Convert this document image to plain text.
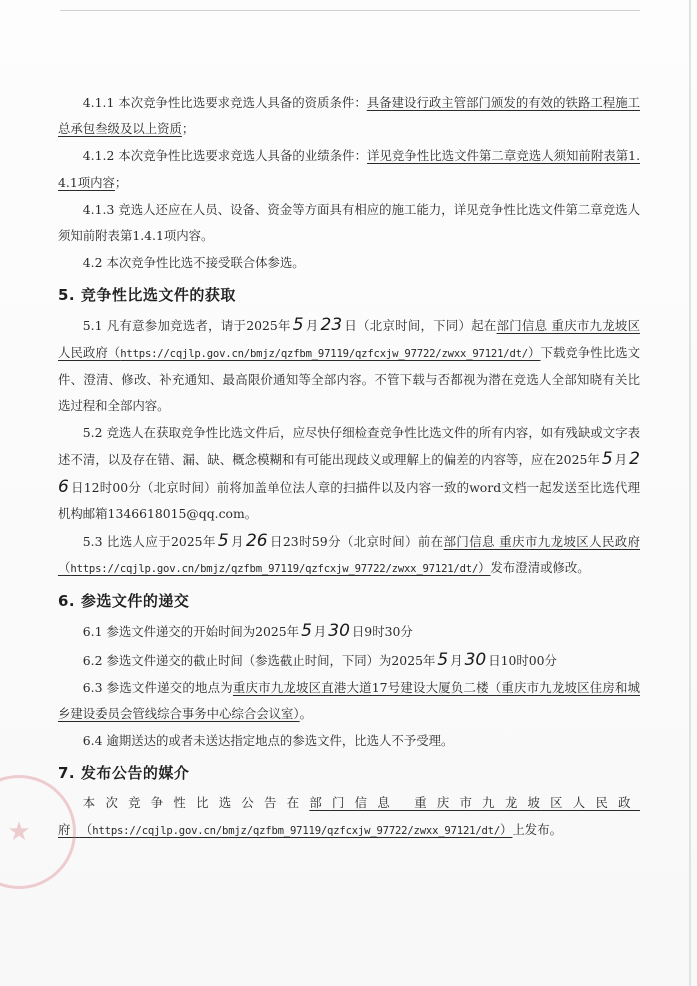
4.1.1 本次竞争性比选要求竞选人具备的资质条件：具备建设行政主管部门颁发的有效的铁路工程施工总承包叁级及以上资质；

4.1.2 本次竞争性比选要求竞选人具备的业绩条件：详见竞争性比选文件第二章竞选人须知前附表第1.4.1项内容；

4.1.3 竞选人还应在人员、设备、资金等方面具有相应的施工能力，详见竞争性比选文件第二章竞选人须知前附表第1.4.1项内容。

4.2 本次竞争性比选不接受联合体参选。

5. 竞争性比选文件的获取

5.1 凡有意参加竞选者，请于2025年 5 月 23 日（北京时间，下同）起在部门信息 重庆市九龙坡区人民政府（https://cqjlp.gov.cn/bmjz/qzfbm_97119/qzfcxjw_97722/zwxx_97121/dt/）下载竞争性比选文件、澄清、修改、补充通知、最高限价通知等全部内容。不管下载与否都视为潜在竞选人全部知晓有关比选过程和全部内容。

5.2 竞选人在获取竞争性比选文件后，应尽快仔细检查竞争性比选文件的所有内容，如有残缺或文字表述不清，以及存在错、漏、缺、概念模糊和有可能出现歧义或理解上的偏差的内容等，应在2025年 5 月 26 日12时00分（北京时间）前将加盖单位法人章的扫描件以及内容一致的word文档一起发送至比选代理机构邮箱1346618015@qq.com。

5.3 比选人应于2025年 5 月 26 日23时59分（北京时间）前在部门信息 重庆市九龙坡区人民政府（https://cqjlp.gov.cn/bmjz/qzfbm_97119/qzfcxjw_97722/zwxx_97121/dt/）发布澄清或修改。

6. 参选文件的递交

6.1 参选文件递交的开始时间为2025年 5 月 30 日9时30分

6.2 参选文件递交的截止时间（参选截止时间，下同）为2025年 5 月 30 日10时00分

6.3 参选文件递交的地点为重庆市九龙坡区直港大道17号建设大厦负二楼（重庆市九龙坡区住房和城乡建设委员会管线综合事务中心综合会议室）。

6.4 逾期送达的或者未送达指定地点的参选文件，比选人不予受理。

7. 发布公告的媒介

本次竞争性比选公告在部门信息 重庆市九龙坡区人民政府（https://cqjlp.gov.cn/bmjz/qzfbm_97119/qzfcxjw_97722/zwxx_97121/dt/）上发布。

★
